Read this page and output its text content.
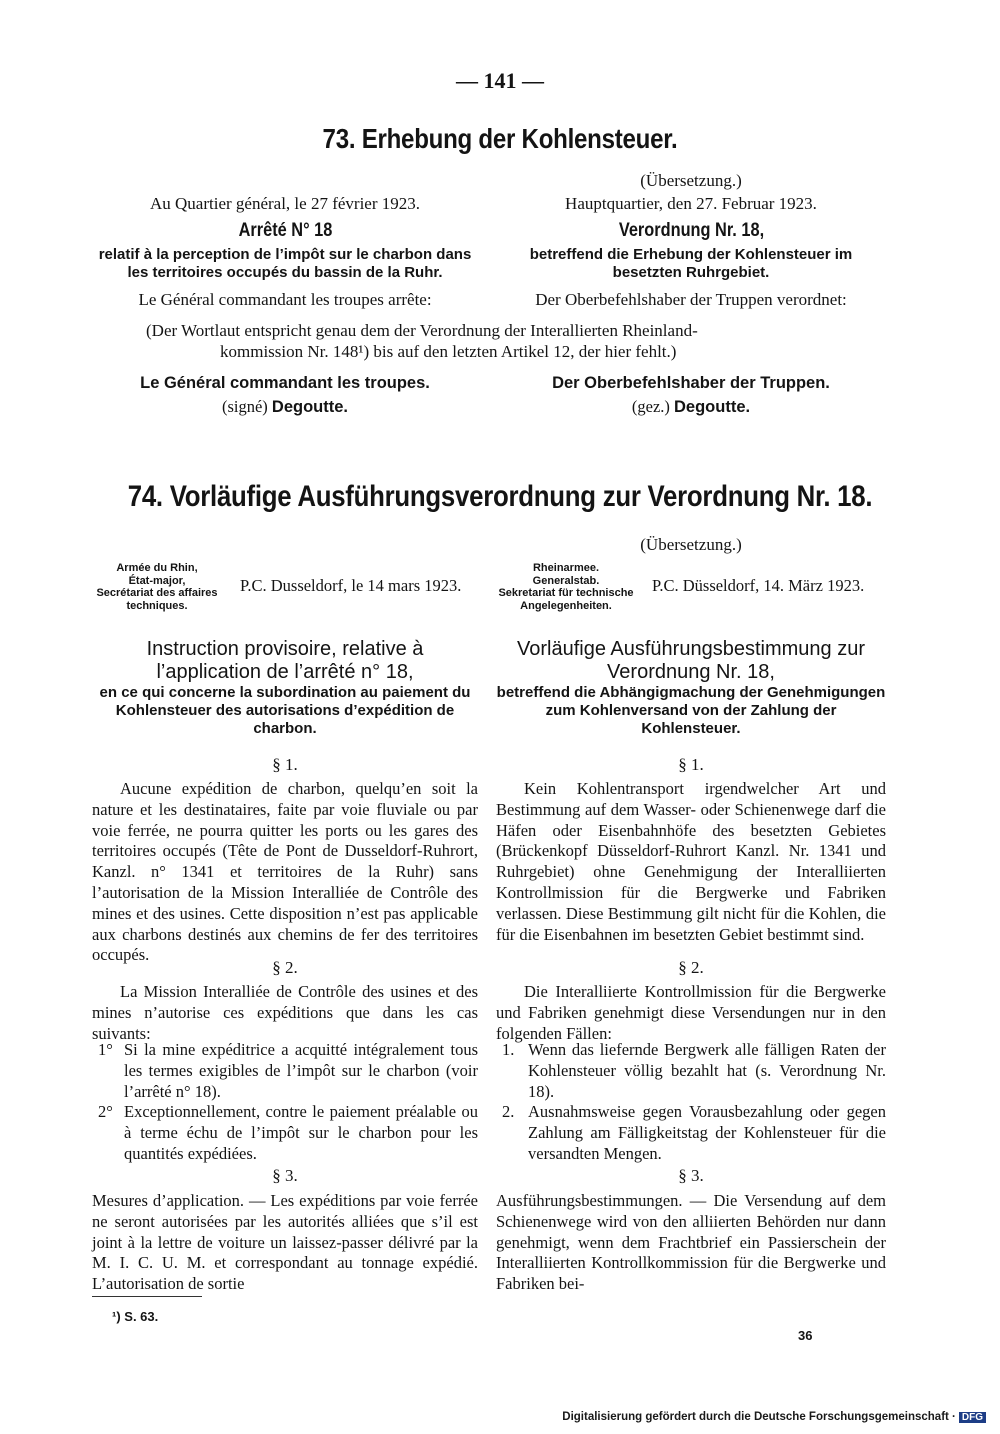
— 141 —
73. Erhebung der Kohlensteuer.
(Übersetzung.)
Au Quartier général, le 27 février 1923.	Hauptquartier, den 27. Februar 1923.
Arrêté N° 18	Verordnung Nr. 18,
relatif à la perception de l’impôt sur le charbon dans les territoires occupés du bassin de la Ruhr.
betreffend die Erhebung der Kohlensteuer im besetzten Ruhrgebiet.
Le Général commandant les troupes arrête:	Der Oberbefehlshaber der Truppen verordnet:
(Der Wortlaut entspricht genau dem der Verordnung der Interallierten Rheinland-
kommission Nr. 148¹) bis auf den letzten Artikel 12, der hier fehlt.)
Le Général commandant les troupes.	Der Oberbefehlshaber der Truppen.
(signé) Degoutte.	(gez.) Degoutte.
74. Vorläufige Ausführungsverordnung zur Verordnung Nr. 18.
(Übersetzung.)
Armée du Rhin,
État-major,
Secrétariat des affaires
techniques.
P.C. Dusseldorf, le 14 mars 1923.
Rheinarmee.
Generalstab.
Sekretariat für technische
Angelegenheiten.
P.C. Düsseldorf, 14. März 1923.
Instruction provisoire, relative à l’application de l’arrêté n° 18,
Vorläufige Ausführungsbestimmung zur Verordnung Nr. 18,
en ce qui concerne la subordination au paiement du Kohlensteuer des autorisations d’expédition de charbon.
betreffend die Abhängigmachung der Genehmigungen zum Kohlenversand von der Zahlung der Kohlensteuer.
§ 1.	§ 1.
Aucune expédition de charbon, quelqu’en soit la nature et les destinataires, faite par voie fluviale ou par voie ferrée, ne pourra quitter les ports ou les gares des territoires occupés (Tête de Pont de Dusseldorf-Ruhrort, Kanzl. n° 1341 et territoires de la Ruhr) sans l’autorisation de la Mission Interalliée de Contrôle des mines et des usines. Cette disposition n’est pas applicable aux charbons destinés aux chemins de fer des territoires occupés.
Kein Kohlentransport irgendwelcher Art und Bestimmung auf dem Wasser- oder Schienenwege darf die Häfen oder Eisenbahnhöfe des besetzten Gebietes (Brückenkopf Düsseldorf-Ruhrort Kanzl. Nr. 1341 und Ruhrgebiet) ohne Genehmigung der Interalliierten Kontrollmission für die Bergwerke und Fabriken verlassen. Diese Bestimmung gilt nicht für die Kohlen, die für die Eisenbahnen im besetzten Gebiet bestimmt sind.
§ 2.	§ 2.
La Mission Interalliée de Contrôle des usines et des mines n’autorise ces expéditions que dans les cas suivants:
Die Interalliierte Kontrollmission für die Bergwerke und Fabriken genehmigt diese Versendungen nur in den folgenden Fällen:
1° Si la mine expéditrice a acquitté intégralement tous les termes exigibles de l’impôt sur le charbon (voir l’arrêté n° 18).
2° Exceptionnellement, contre le paiement préalable ou à terme échu de l’impôt sur le charbon pour les quantités expédiées.
1. Wenn das liefernde Bergwerk alle fälligen Raten der Kohlensteuer völlig bezahlt hat (s. Verordnung Nr. 18).
2. Ausnahmsweise gegen Vorausbezahlung oder gegen Zahlung am Fälligkeitstag der Kohlensteuer für die versandten Mengen.
§ 3.	§ 3.
Mesures d’application. — Les expéditions par voie ferrée ne seront autorisées par les autorités alliées que s’il est joint à la lettre de voiture un laissez-passer délivré par la M. I. C. U. M. et correspondant au tonnage expédié. L’autorisation de sortie
Ausführungsbestimmungen. — Die Versendung auf dem Schienenwege wird von den alliierten Behörden nur dann genehmigt, wenn dem Frachtbrief ein Passierschein der Interalliierten Kontrollkommission für die Bergwerke und Fabriken bei-
¹) S. 63.
36
Digitalisierung gefördert durch die Deutsche Forschungsgemeinschaft · DFG
